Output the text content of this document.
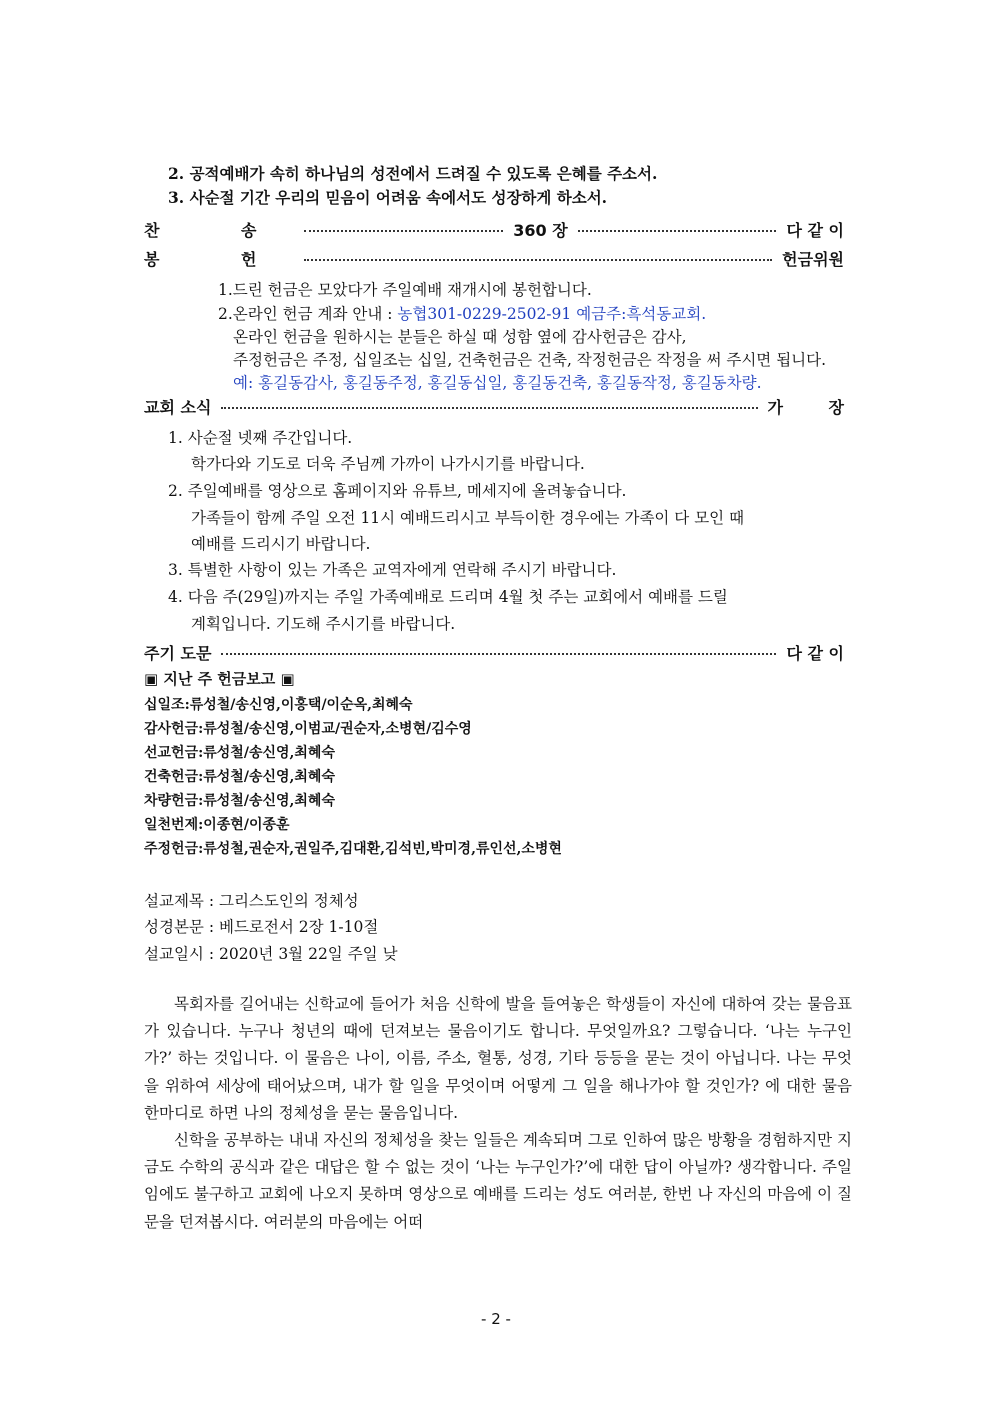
2. 공적예배가 속히 하나님의 성전에서 드려질 수 있도록 은혜를 주소서.
3. 사순절 기간 우리의 믿음이 어려움 속에서도 성장하게 하소서.
찬 송	360 장	다 같 이
봉 헌	헌금위원
1.드린 헌금은 모았다가 주일예배 재개시에 봉헌합니다.
2.온라인 헌금 계좌 안내 : 농협301-0229-2502-91 예금주:흑석동교회.
온라인 헌금을 원하시는 분들은 하실 때 성함 옆에 감사헌금은 감사,
주정헌금은 주정, 십일조는 십일, 건축헌금은 건축, 작정헌금은 작정을 써 주시면 됩니다.
예: 홍길동감사, 홍길동주정, 홍길동십일, 홍길동건축, 홍길동작정, 홍길동차량.
교회 소식	가 장
1. 사순절 넷째 주간입니다.
학가다와 기도로 더욱 주님께 가까이 나가시기를 바랍니다.
2. 주일예배를 영상으로 홈페이지와 유튜브, 메세지에 올려놓습니다.
가족들이 함께 주일 오전 11시 예배드리시고 부득이한 경우에는 가족이 다 모인 때
예배를 드리시기 바랍니다.
3. 특별한 사항이 있는 가족은 교역자에게 연락해 주시기 바랍니다.
4. 다음 주(29일)까지는 주일 가족예배로 드리며 4월 첫 주는 교회에서 예배를 드릴
계획입니다. 기도해 주시기를 바랍니다.
주기 도문	다 같 이
▣ 지난 주 헌금보고 ▣
십일조:류성철/송신영,이홍택/이순옥,최혜숙
감사헌금:류성철/송신영,이범교/권순자,소병현/김수영
선교헌금:류성철/송신영,최혜숙
건축헌금:류성철/송신영,최혜숙
차량헌금:류성철/송신영,최혜숙
일천번제:이종현/이종훈
주정헌금:류성철,권순자,권일주,김대환,김석빈,박미경,류인선,소병현
설교제목 : 그리스도인의 정체성
성경본문 : 베드로전서 2장 1-10절
설교일시 : 2020년 3월 22일 주일 낮

목회자를 길어내는 신학교에 들어가 처음 신학에 발을 들여놓은 학생들이 자신에 대하여 갖는 물음표가 있습니다. 누구나 청년의 때에 던져보는 물음이기도 합니다. 무엇일까요? 그렇습니다. ‘나는 누구인가?’ 하는 것입니다. 이 물음은 나이, 이름, 주소, 혈통, 성경, 기타 등등을 묻는 것이 아닙니다. 나는 무엇을 위하여 세상에 태어났으며, 내가 할 일을 무엇이며 어떻게 그 일을 해나가야 할 것인가? 에 대한 물음 한마디로 하면 나의 정체성을 묻는 물음입니다.

신학을 공부하는 내내 자신의 정체성을 찾는 일들은 계속되며 그로 인하여 많은 방황을 경험하지만 지금도 수학의 공식과 같은 대답은 할 수 없는 것이 ‘나는 누구인가?’에 대한 답이 아닐까? 생각합니다. 주일임에도 불구하고 교회에 나오지 못하며 영상으로 예배를 드리는 성도 여러분, 한번 나 자신의 마음에 이 질문을 던져봅시다. 여러분의 마음에는 어떠

- 2 -
